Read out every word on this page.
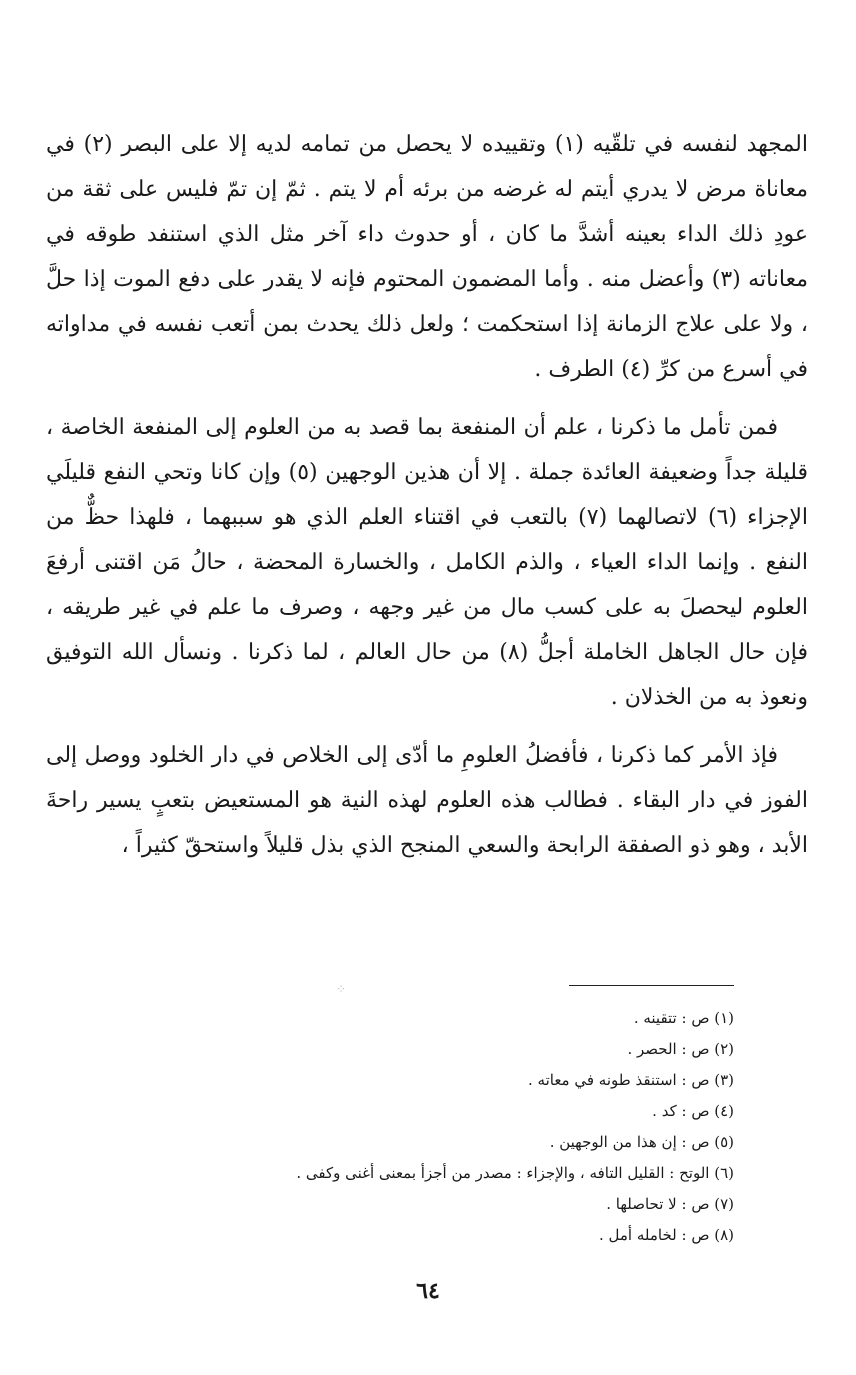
المجهد لنفسه في تلقّيه (١) وتقييده لا يحصل من تمامه لديه إلا على البصر (٢) في معاناة مرض لا يدري أيتم له غرضه من برئه أم لا يتم . ثمّ إن تمّ فليس على ثقة من عودِ ذلك الداء بعينه أشدَّ ما كان ، أو حدوث داء آخر مثل الذي استنفد طوقه في معاناته (٣) وأعضل منه . وأما المضمون المحتوم فإنه لا يقدر على دفع الموت إذا حلَّ ، ولا على علاج الزمانة إذا استحكمت ؛ ولعل ذلك يحدث بمن أتعب نفسه في مداواته في أسرع من كرِّ (٤) الطرف .

فمن تأمل ما ذكرنا ، علم أن المنفعة بما قصد به من العلوم إلى المنفعة الخاصة ، قليلة جداً وضعيفة العائدة جملة . إلا أن هذين الوجهين (٥) وإن كانا وتحي النفع قليلَي الإجزاء (٦) لاتصالهما (٧) بالتعب في اقتناء العلم الذي هو سببهما ، فلهذا حظٌّ من النفع . وإنما الداء العياء ، والذم الكامل ، والخسارة المحضة ، حالُ مَن اقتنى أرفعَ العلوم ليحصلَ به على كسب مال من غير وجهه ، وصرف ما علم في غير طريقه ، فإن حال الجاهل الخاملة أجلُّ (٨) من حال العالم ، لما ذكرنا . ونسأل الله التوفيق ونعوذ به من الخذلان .

فإذ الأمر كما ذكرنا ، فأفضلُ العلومِ ما أدّى إلى الخلاص في دار الخلود ووصل إلى الفوز في دار البقاء . فطالب هذه العلوم لهذه النية هو المستعيض بتعبٍ يسير راحةَ الأبد ، وهو ذو الصفقة الرابحة والسعي المنجح الذي بذل قليلاً واستحقّ كثيراً ،

⁘
(١) ص : تتقينه .
(٢) ص : الحصر .
(٣) ص : استنقذ طونه في معاته .
(٤) ص : كد .
(٥) ص : إن هذا من الوجهين .
(٦) الوتح : القليل التافه ، والإجزاء : مصدر من أجزأ بمعنى أغنى وكفى .
(٧) ص : لا تحاصلها .
(٨) ص : لخامله أمل .
٦٤
